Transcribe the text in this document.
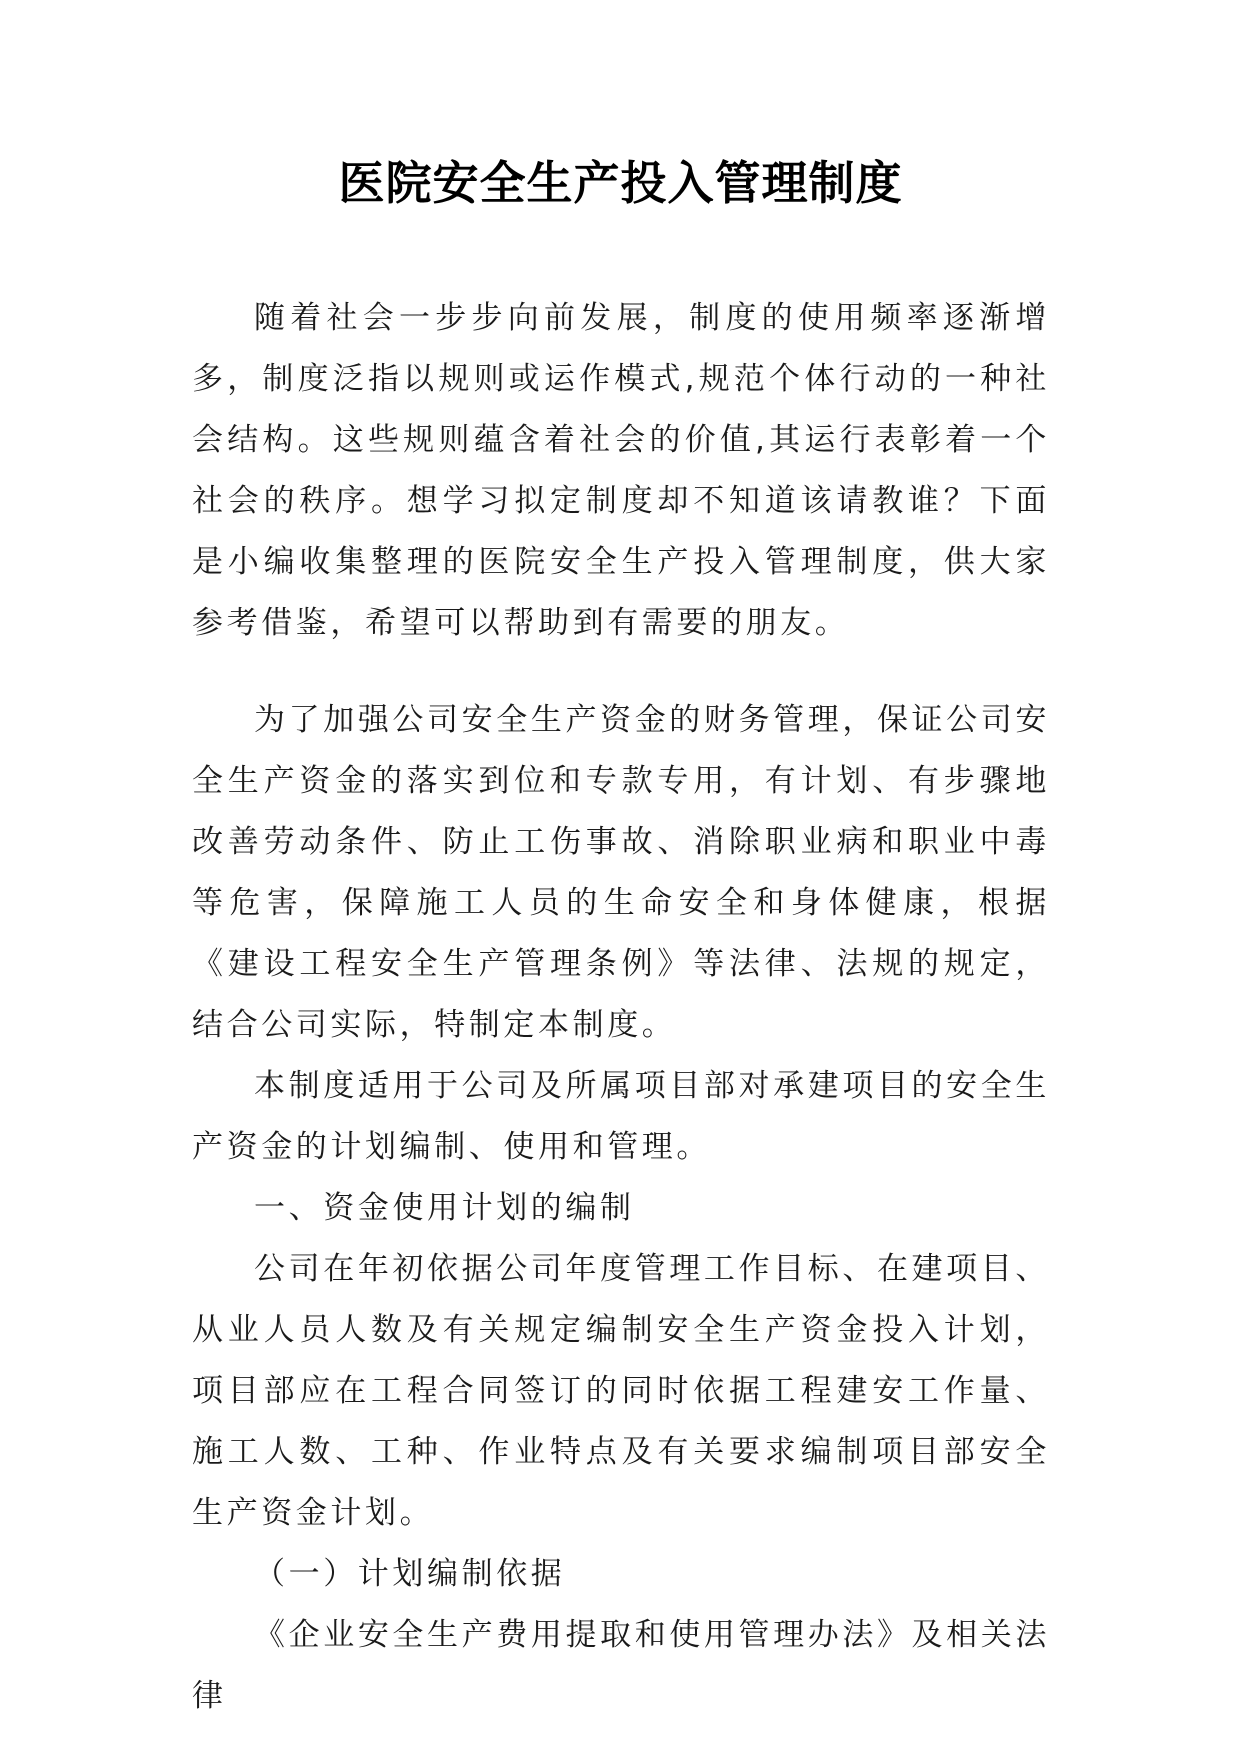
医院安全生产投入管理制度

随着社会一步步向前发展，制度的使用频率逐渐增多，制度泛指以规则或运作模式,规范个体行动的一种社会结构。这些规则蕴含着社会的价值,其运行表彰着一个社会的秩序。想学习拟定制度却不知道该请教谁？下面是小编收集整理的医院安全生产投入管理制度，供大家参考借鉴，希望可以帮助到有需要的朋友。

为了加强公司安全生产资金的财务管理，保证公司安全生产资金的落实到位和专款专用，有计划、有步骤地改善劳动条件、防止工伤事故、消除职业病和职业中毒等危害，保障施工人员的生命安全和身体健康，根据《建设工程安全生产管理条例》等法律、法规的规定，结合公司实际，特制定本制度。

本制度适用于公司及所属项目部对承建项目的安全生产资金的计划编制、使用和管理。

一、资金使用计划的编制

公司在年初依据公司年度管理工作目标、在建项目、从业人员人数及有关规定编制安全生产资金投入计划，项目部应在工程合同签订的同时依据工程建安工作量、施工人数、工种、作业特点及有关要求编制项目部安全生产资金计划。

（一）计划编制依据

《企业安全生产费用提取和使用管理办法》及相关法律
